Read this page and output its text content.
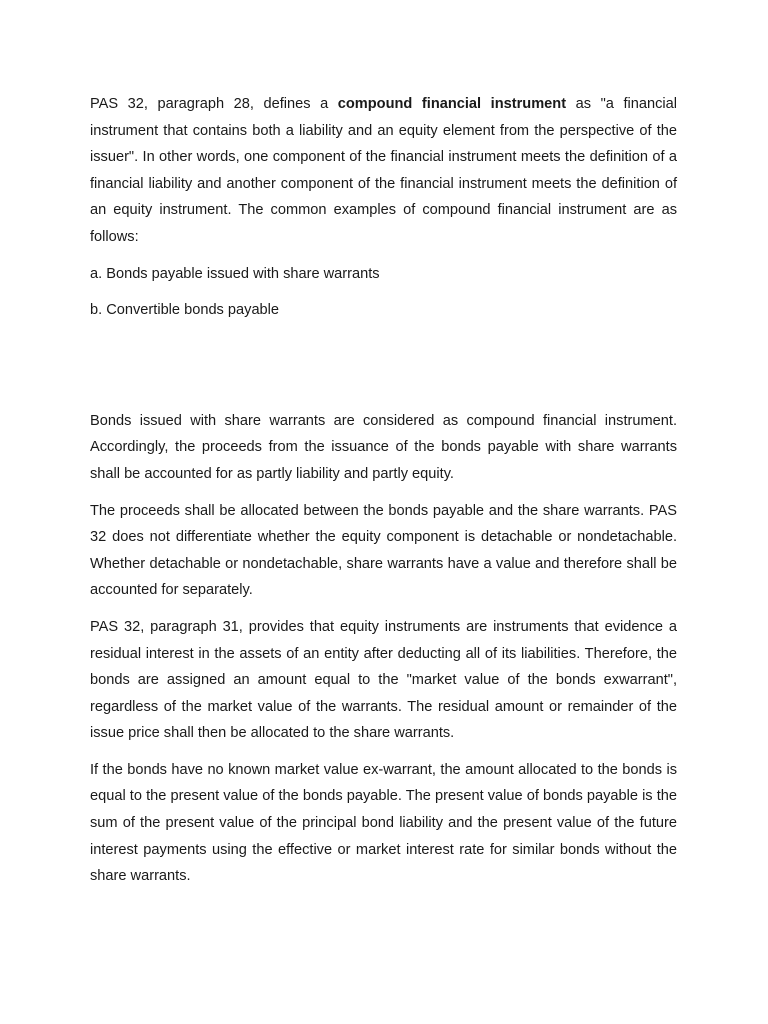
PAS 32, paragraph 28, defines a compound financial instrument as "a financial instrument that contains both a liability and an equity element from the perspective of the issuer". In other words, one component of the financial instrument meets the definition of a financial liability and another component of the financial instrument meets the definition of an equity instrument. The common examples of compound financial instrument are as follows:

a. Bonds payable issued with share warrants

b. Convertible bonds payable

Bonds issued with share warrants are considered as compound financial instrument. Accordingly, the proceeds from the issuance of the bonds payable with share warrants shall be accounted for as partly liability and partly equity.

The proceeds shall be allocated between the bonds payable and the share warrants. PAS 32 does not differentiate whether the equity component is detachable or nondetachable. Whether detachable or nondetachable, share warrants have a value and therefore shall be accounted for separately.

PAS 32, paragraph 31, provides that equity instruments are instruments that evidence a residual interest in the assets of an entity after deducting all of its liabilities. Therefore, the bonds are assigned an amount equal to the "market value of the bonds exwarrant", regardless of the market value of the warrants. The residual amount or remainder of the issue price shall then be allocated to the share warrants.

If the bonds have no known market value ex-warrant, the amount allocated to the bonds is equal to the present value of the bonds payable. The present value of bonds payable is the sum of the present value of the principal bond liability and the present value of the future interest payments using the effective or market interest rate for similar bonds without the share warrants.
